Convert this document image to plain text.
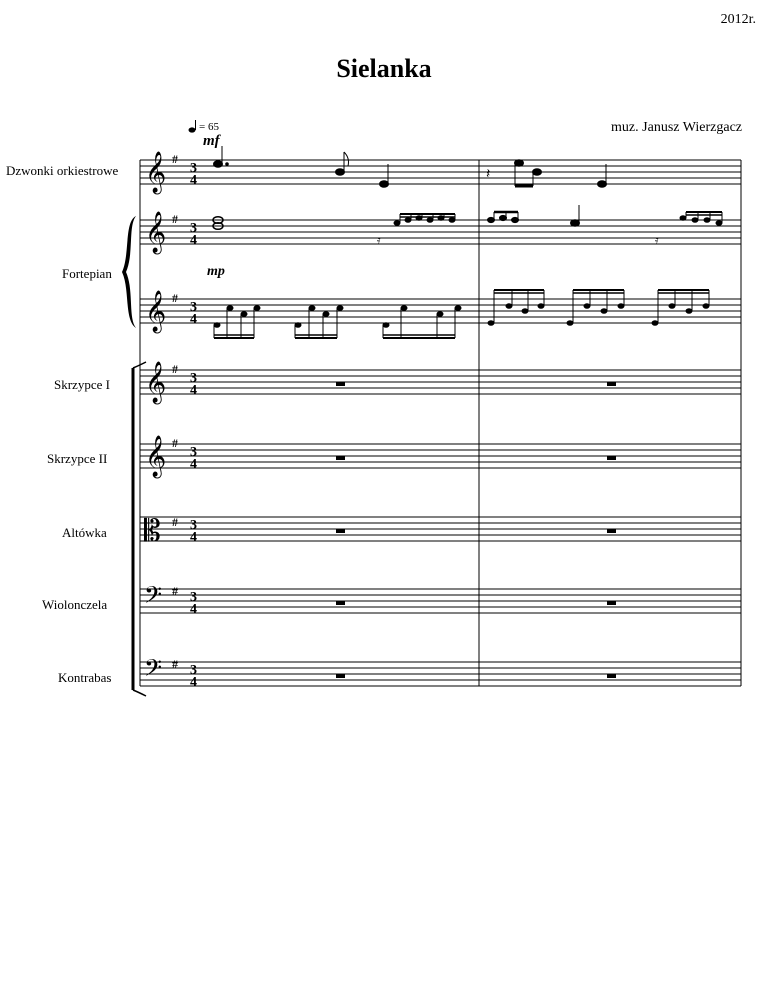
2012r.
Sielanka
muz. Janusz Wierzgacz
Dzwonki orkiestrowe
Fortepian
Skrzypce I
Skrzypce II
Altówka
Wiolonczela
Kontrabas
= 65
mf
mp
𝄞
𝄞
𝄞
𝄞
𝄞
𝄡
𝄢
𝄢
#
#
#
#
#
#
#
#
3
4
3
4
3
4
3
4
3
4
3
4
3
4
3
4
𝄽
𝄿	𝄿
